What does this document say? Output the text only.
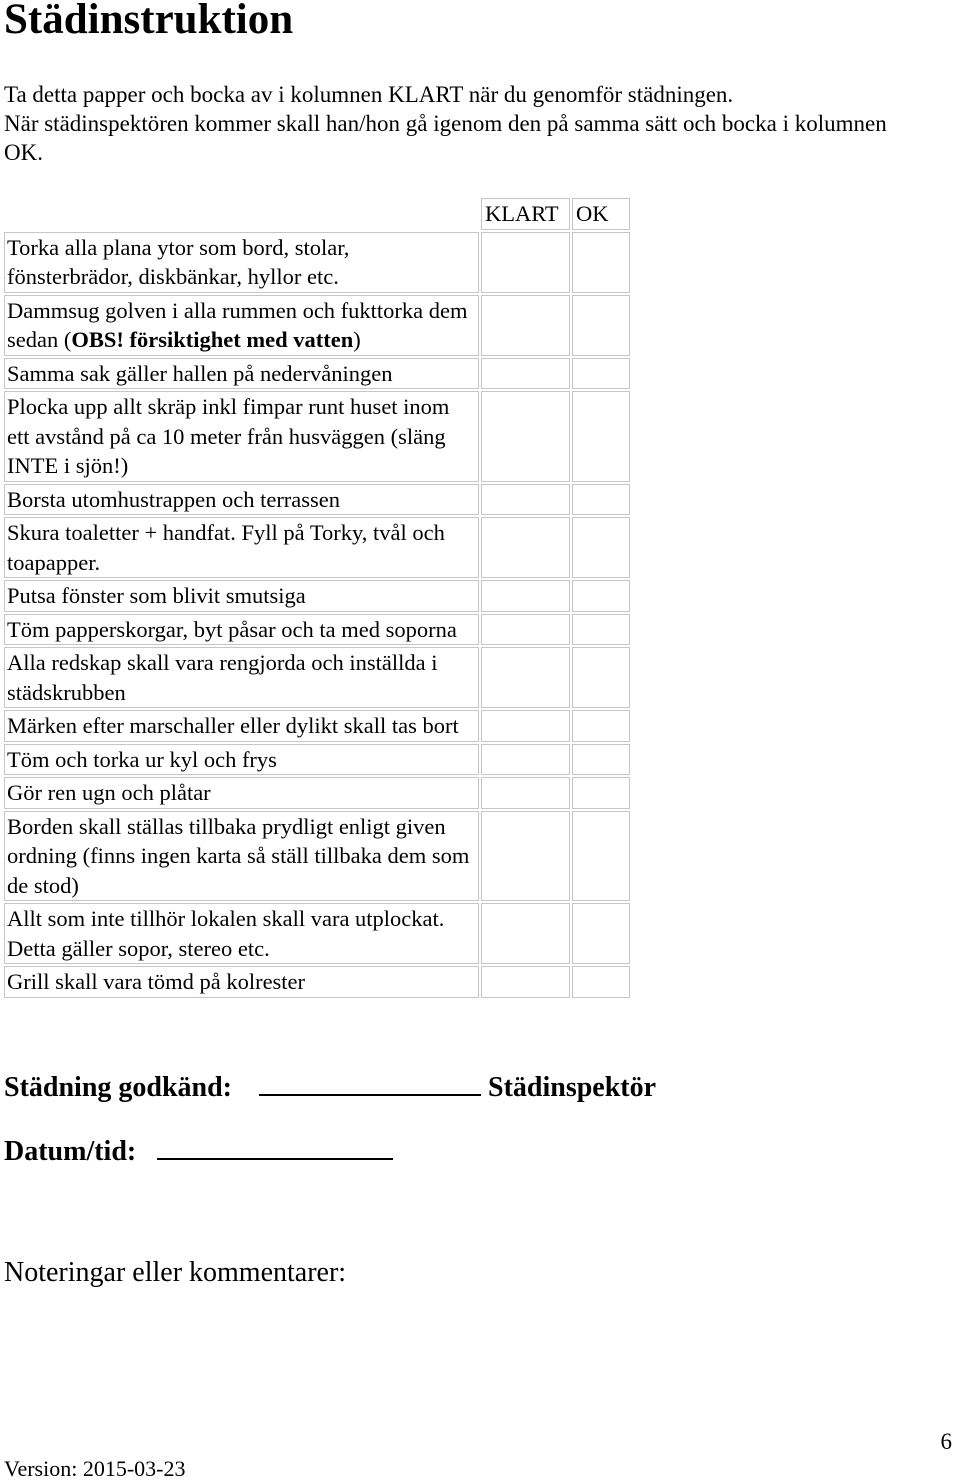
Städinstruktion

Ta detta papper och bocka av i kolumnen KLART när du genomför städningen.

När städinspektören kommer skall han/hon gå igenom den på samma sätt och bocka i kolumnen OK.

	KLART	OK
Torka alla plana ytor som bord, stolar, fönsterbrädor, diskbänkar, hyllor etc.		
Dammsug golven i alla rummen och fukttorka dem sedan (OBS! försiktighet med vatten)		
Samma sak gäller hallen på nedervåningen		
Plocka upp allt skräp inkl fimpar runt huset inom ett avstånd på ca 10 meter från husväggen (släng INTE i sjön!)		
Borsta utomhustrappen och terrassen		
Skura toaletter + handfat. Fyll på Torky, tvål och toapapper.		
Putsa fönster som blivit smutsiga		
Töm papperskorgar, byt påsar och ta med soporna		
Alla redskap skall vara rengjorda och inställda i städskrubben		
Märken efter marschaller eller dylikt skall tas bort		
Töm och torka ur kyl och frys		
Gör ren ugn och plåtar		
Borden skall ställas tillbaka prydligt enligt given ordning (finns ingen karta så ställ tillbaka dem som de stod)		
Allt som inte tillhör lokalen skall vara utplockat. Detta gäller sopor, stereo etc.		
Grill skall vara tömd på kolrester		
Städning godkänd:	Städinspektör
Datum/tid:
Noteringar eller kommentarer:
Version: 2015-03-23
6
